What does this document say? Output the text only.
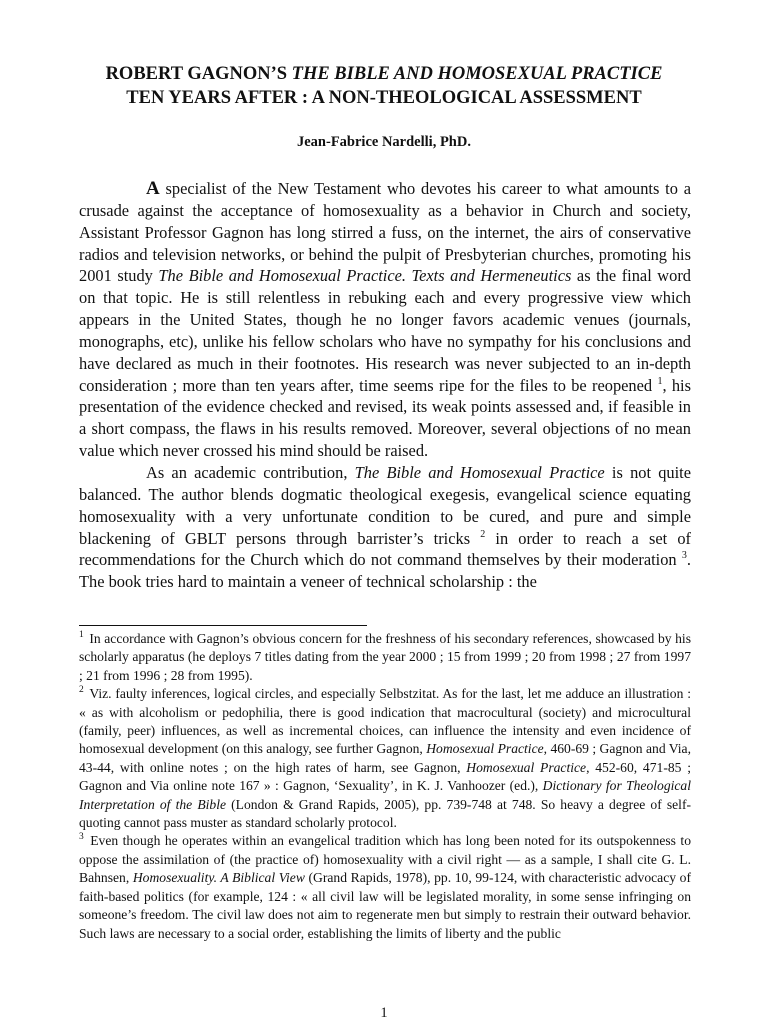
ROBERT GAGNON’S THE BIBLE AND HOMOSEXUAL PRACTICE
TEN YEARS AFTER : A NON-THEOLOGICAL ASSESSMENT

Jean-Fabrice Nardelli, PhD.

A specialist of the New Testament who devotes his career to what amounts to a crusade against the acceptance of homosexuality as a behavior in Church and society, Assistant Professor Gagnon has long stirred a fuss, on the internet, the airs of conservative radios and television networks, or behind the pulpit of Presbyterian churches, promoting his 2001 study The Bible and Homosexual Practice. Texts and Hermeneutics as the final word on that topic. He is still relentless in rebuking each and every progressive view which appears in the United States, though he no longer favors academic venues (journals, monographs, etc), unlike his fellow scholars who have no sympathy for his conclusions and have declared as much in their footnotes. His research was never subjected to an in-depth consideration ; more than ten years after, time seems ripe for the files to be reopened $^1$, his presentation of the evidence checked and revised, its weak points assessed and, if feasible in a short compass, the flaws in his results removed. Moreover, several objections of no mean value which never crossed his mind should be raised.

As an academic contribution, The Bible and Homosexual Practice is not quite balanced. The author blends dogmatic theological exegesis, evangelical science equating homosexuality with a very unfortunate condition to be cured, and pure and simple blackening of GBLT persons through barrister’s tricks $^2$ in order to reach a set of recommendations for the Church which do not command themselves by their moderation $^3$. The book tries hard to maintain a veneer of technical scholarship : the

$^1$ In accordance with Gagnon’s obvious concern for the freshness of his secondary references, showcased by his scholarly apparatus (he deploys 7 titles dating from the year 2000 ; 15 from 1999 ; 20 from 1998 ; 27 from 1997 ; 21 from 1996 ; 28 from 1995).

$^2$ Viz. faulty inferences, logical circles, and especially Selbstzitat. As for the last, let me adduce an illustration : « as with alcoholism or pedophilia, there is good indication that macrocultural (society) and microcultural (family, peer) influences, as well as incremental choices, can influence the intensity and even incidence of homosexual development (on this analogy, see further Gagnon, Homosexual Practice, 460-69 ; Gagnon and Via, 43-44, with online notes ; on the high rates of harm, see Gagnon, Homosexual Practice, 452-60, 471-85 ; Gagnon and Via online note 167 » : Gagnon, ‘Sexuality’, in K. J. Vanhoozer (ed.), Dictionary for Theological Interpretation of the Bible (London & Grand Rapids, 2005), pp. 739-748 at 748. So heavy a degree of self-quoting cannot pass muster as standard scholarly protocol.

$^3$ Even though he operates within an evangelical tradition which has long been noted for its outspokenness to oppose the assimilation of (the practice of) homosexuality with a civil right — as a sample, I shall cite G. L. Bahnsen, Homosexuality. A Biblical View (Grand Rapids, 1978), pp. 10, 99-124, with characteristic advocacy of faith-based politics (for example, 124 : « all civil law will be legislated morality, in some sense infringing on someone’s freedom. The civil law does not aim to regenerate men but simply to restrain their outward behavior. Such laws are necessary to a social order, establishing the limits of liberty and the public

1
